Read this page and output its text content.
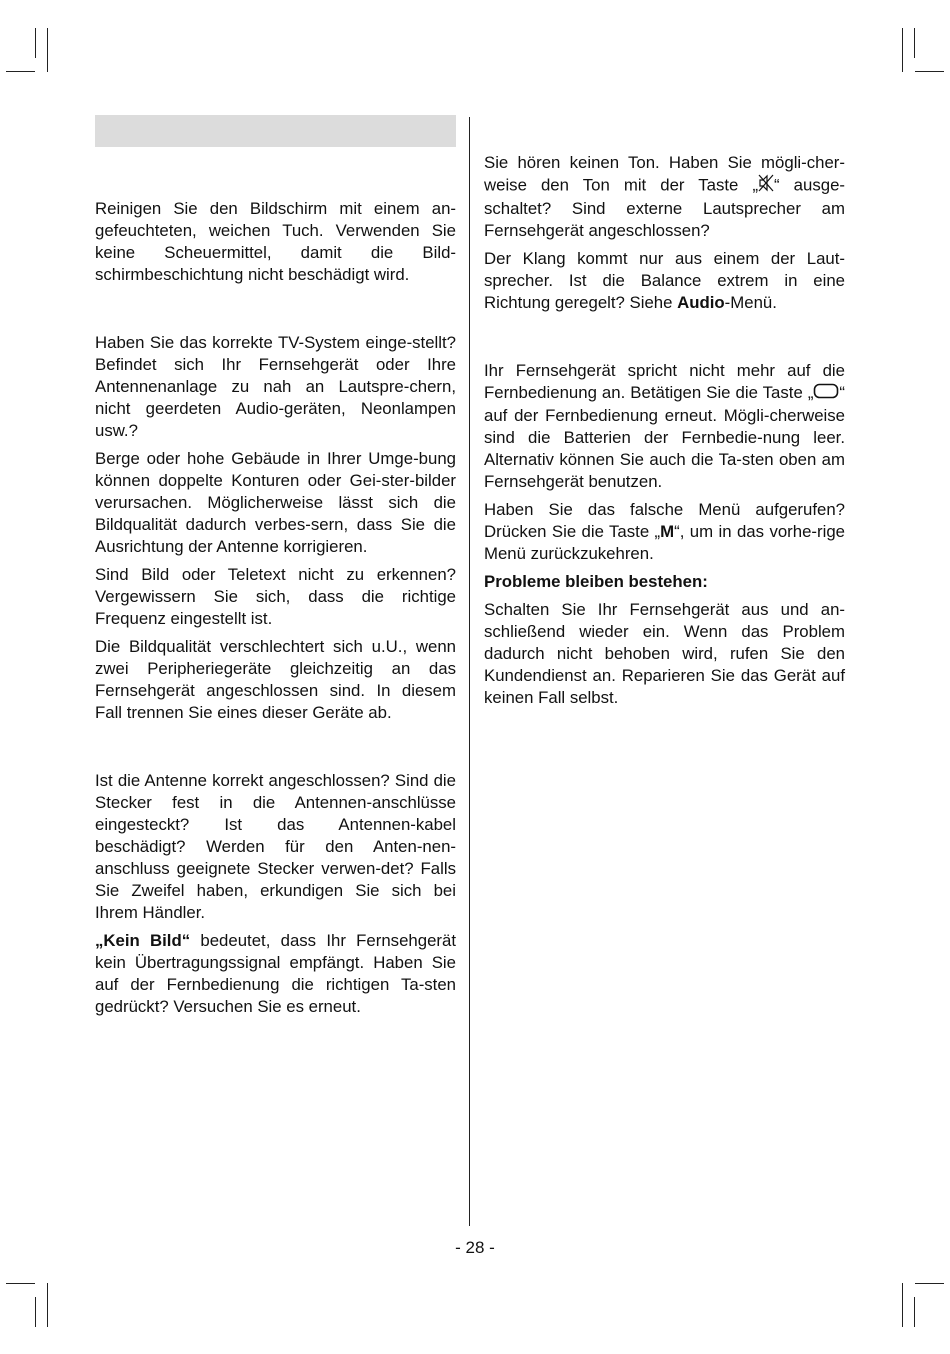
Reinigen Sie den Bildschirm mit einem an-gefeuchteten, weichen Tuch. Verwenden Sie keine Scheuermittel, damit die Bild-schirmbeschichtung nicht beschädigt wird.

Haben Sie das korrekte TV-System einge-stellt? Befindet sich Ihr Fernsehgerät oder Ihre Antennenanlage zu nah an Lautspre-chern, nicht geerdeten Audio-geräten, Neonlampen usw.?

Berge oder hohe Gebäude in Ihrer Umge-bung können doppelte Konturen oder Gei-ster-bilder verursachen. Möglicherweise lässt sich die Bildqualität dadurch verbes-sern, dass Sie die Ausrichtung der Antenne korrigieren.

Sind Bild oder Teletext nicht zu erkennen? Vergewissern Sie sich, dass die richtige Frequenz eingestellt ist.

Die Bildqualität verschlechtert sich u.U., wenn zwei Peripheriegeräte gleichzeitig an das Fernsehgerät angeschlossen sind. In diesem Fall trennen Sie eines dieser Geräte ab.

Ist die Antenne korrekt angeschlossen? Sind die Stecker fest in die Antennen-anschlüsse eingesteckt? Ist das Antennen-kabel beschädigt? Werden für den Anten-nen-anschluss geeignete Stecker verwen-det? Falls Sie Zweifel haben, erkundigen Sie sich bei Ihrem Händler.

„Kein Bild“ bedeutet, dass Ihr Fernsehgerät kein Übertragungssignal empfängt. Haben Sie auf der Fernbedienung die richtigen Ta-sten gedrückt? Versuchen Sie es erneut.

Sie hören keinen Ton. Haben Sie mögli-cher-weise den Ton mit der Taste „ “ ausge-schaltet? Sind externe Lautsprecher am Fernsehgerät angeschlossen?

Der Klang kommt nur aus einem der Laut-sprecher. Ist die Balance extrem in eine Richtung geregelt? Siehe Audio-Menü.

Ihr Fernsehgerät spricht nicht mehr auf die Fernbedienung an. Betätigen Sie die Taste „ “ auf der Fernbedienung erneut. Mögli-cherweise sind die Batterien der Fernbedie-nung leer. Alternativ können Sie auch die Ta-sten oben am Fernsehgerät benutzen.

Haben Sie das falsche Menü aufgerufen? Drücken Sie die Taste „M“, um in das vorhe-rige Menü zurückzukehren.

Probleme bleiben bestehen:

Schalten Sie Ihr Fernsehgerät aus und an-schließend wieder ein. Wenn das Problem dadurch nicht behoben wird, rufen Sie den Kundendienst an. Reparieren Sie das Gerät auf keinen Fall selbst.

- 28 -
